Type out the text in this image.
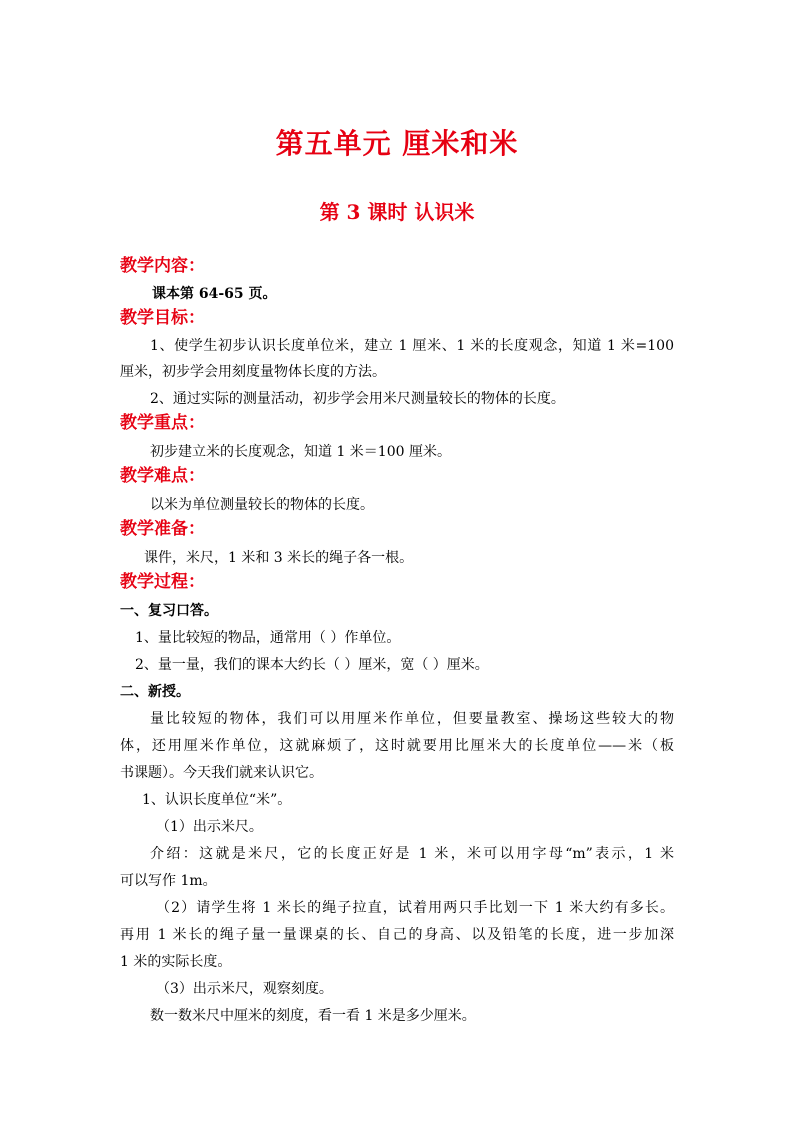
第五单元 厘米和米
第 3 课时 认识米
教学内容：
课本第 64-65 页。
教学目标：
1、使学生初步认识长度单位米，建立 1 厘米、1 米的长度观念，知道 1 米=100
厘米，初步学会用刻度量物体长度的方法。
2、通过实际的测量活动，初步学会用米尺测量较长的物体的长度。
教学重点：
初步建立米的长度观念，知道 1 米＝100 厘米。
教学难点：
以米为单位测量较长的物体的长度。
教学准备：
课件，米尺，1 米和 3 米长的绳子各一根。
教学过程：
一、复习口答。
1、量比较短的物品，通常用（ ）作单位。
2、量一量，我们的课本大约长（ ）厘米，宽（ ）厘米。
二、新授。
量比较短的物体，我们可以用厘米作单位，但要量教室、操场这些较大的物
体，还用厘米作单位，这就麻烦了，这时就要用比厘米大的长度单位——米（板
书课题）。今天我们就来认识它。
1、认识长度单位“米”。
（1）出示米尺。
介绍：这就是米尺，它的长度正好是 1 米，米可以用字母“m”表示，1 米
可以写作 1m。
（2）请学生将 1 米长的绳子拉直，试着用两只手比划一下 1 米大约有多长。
再用 1 米长的绳子量一量课桌的长、自己的身高、以及铅笔的长度，进一步加深
1 米的实际长度。
（3）出示米尺，观察刻度。
数一数米尺中厘米的刻度，看一看 1 米是多少厘米。
